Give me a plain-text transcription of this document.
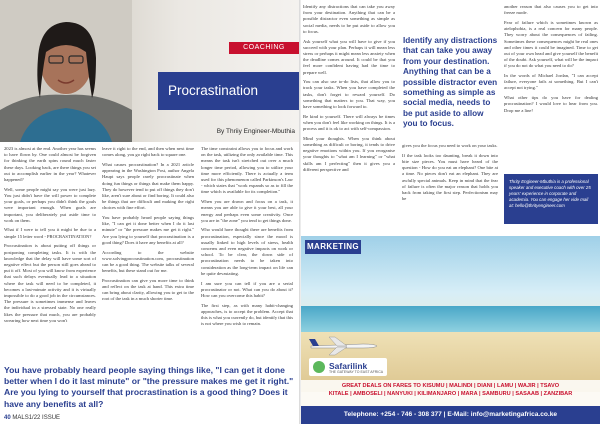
COACHING
Procrastination
By Thriiy Engineer-Mbuthia

2023 is almost at the end. Another year has seems to have flown by. One could almost be forgiven for thinking the earth spins round much faster these days. Looking back, are there things you set out to accomplish earlier in the year? Whatever happened?

Well, some people might say you were just lazy. You just didn't have the will power to complete your goals, or perhaps you didn't think the goals were important enough. When goals are important, you deliberately put aside time to work on them.

What if I were to tell you it might be due to a simple 15 letter word - PROCRASTINATION?

Procrastination is about putting off things or postponing completing tasks. It is with the knowledge that the delay will have some sort of negative effect but the person still goes ahead to put it off. Most of you will know from experience that such delays eventually lead to a situation where the task will need to be completed, it becomes a last-minute activity and it is virtually impossible to do a good job in the circumstances. The pressure is sometimes immense and leaves the individual in a stressed state. No one really likes the pressure that much, you are probably swearing how next time you won't

leave it right to the end, and then when next time comes along, you go right back to square one.

What causes procrastination? In a 2021 article appearing in the Washington Post, author Angela Haupt says people rarely procrastinate when doing fun things or things that make them happy. They do however tend to put off things they don't like, aren't sure about or find boring. It could also be things that are difficult and making the right choices with fine effort.

You have probably heard people saying things like, "I can get it done better when I do it last minute" or "the pressure makes me get it right." Are you lying to yourself that procrastination is a good thing? Does it have any benefits at all?

According to the website www.solvingprocrastination.com, procrastination can be a good thing. The website talks of several benefits, but these stand out for me.

Procrastination can give you more time to think and reflect on the task at hand. This extra time can bring about clarity, allowing you to get to the root of the task in a much shorter time.

The time constraint allows you to focus and work on the task, utilizing the only available time. This means the task isn't stretched out over a much longer time period, allowing you to utilize your time more efficiently. There is actually a term used for this phenomenon called Parkinson's Law - which states that "work expands so as to fill the time which is available for its completion."

When you are drawn and focus on a task, it means you are able to give it your best, all your energy and perhaps even some creativity. Once you are in "the zone" you tend to get things done.

Who would have thought there are benefits from procrastination, especially since the mood is usually linked to high levels of stress, health concerns and even negative impacts on work or school. To be clear, the down side of procrastination needs to be taken into consideration as the long-term impact on life can be quite devastating.

I am sure you can tell if you are a serial procrastinator or not. What can you do about it? How can you overcome this habit?

The first step, as with many habit-changing approaches, is to accept the problem. Accept that this is what you currently do, but identify that this is not where you wish to remain.

You have probably heard people saying things like, "I can get it done better when I do it last minute" or "the pressure makes me get it right." Are you lying to yourself that procrastination is a good thing? Does it have any benefits at all?
40 MALS1/22 ISSUE

Identify any distractions that can take you away from your destination. Anything that can be a possible distractor even something as simple as social media, needs to be put aside to allow you to focus.

Ask yourself what you will have to give if you succeed with your plan. Perhaps it will mean less stress or perhaps it might mean less anxiety when the deadline comes around. It could be that you feel more confident having had the time to prepare well.

You can also use to-do lists, that allow you to track your tasks. When you have completed the tasks, don't forget to reward yourself. Do something that matters to you. That way, you have something to look forward to.

Be kind to yourself. There will always be times when you don't feel like working on things. It is a process and it is ok to act with self-compassion.

Mind your thoughts. When you think about something as difficult or boring, it tends to drive negative emotions within you. If you reorganise your thoughts to "what am I learning" or "what skills am I perfecting" then it gives you a different perspective and

Identify any distractions that can take you away from your destination. Anything that can be a possible distractor even something as simple as social media, needs to be put aside to allow you to focus.

gives you the focus you need to work on your tasks.

If the task looks too daunting, break it down into bite size pieces. You must have heard of the question - How do you eat an elephant? One bite at a time. No pieces don't eat an elephant. They are awfully special animals. Keep in mind that the fear of failure is often the major reason that holds you back from taking the first step. Perfectionism may be

another reason that also causes you to get into freeze mode.

Fear of failure which is sometimes known as atelophobia, is a real concern for many people. They worry about the consequences of failing. Sometimes these consequences might be real ones and other times it could be imagined. Time to get out of your own head and give yourself the benefit of the doubt. Ask yourself, what will be the impact if you do not do what you need to do?

In the words of Michael Jordan, "I can accept failure, everyone fails at something. But I can't accept not trying."

What other tips do you have for dealing procrastination? I would love to hear from you. Drop me a line!

Thrity Engineer-Mbuthia is a professional speaker and executive coach with over 25 years' experience in corporate and academia. You can engage her vide mail at: hello@thrityengineer.com
MARKETING
Safarilink
THE GATEWAY TO EAST AFRICA
GREAT DEALS ON FARES TO KISUMU | MALINDI | DIANI | LAMU | WAJIR | TSAVO
KITALE | AMBOSELI | NANYUKI | KILIMANJARO | MARA | SAMBURU | SASAAB | ZANZIBAR
Telephone: +254 - 746 - 308 377 | E-Mail: info@marketingafrica.co.ke
